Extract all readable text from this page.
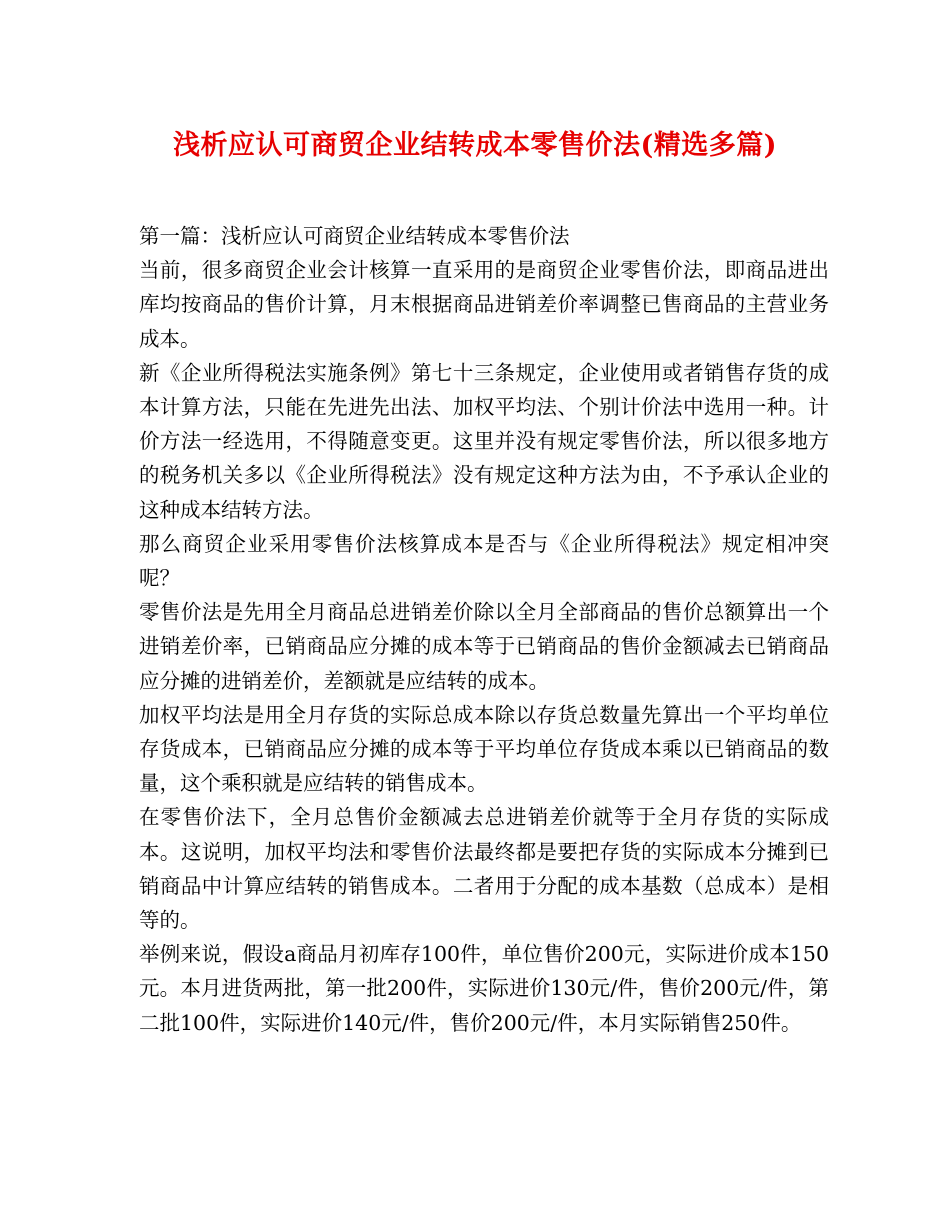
浅析应认可商贸企业结转成本零售价法(精选多篇)

第一篇：浅析应认可商贸企业结转成本零售价法

当前，很多商贸企业会计核算一直采用的是商贸企业零售价法，即商品进出库均按商品的售价计算，月末根据商品进销差价率调整已售商品的主营业务成本。

新《企业所得税法实施条例》第七十三条规定，企业使用或者销售存货的成本计算方法，只能在先进先出法、加权平均法、个别计价法中选用一种。计价方法一经选用，不得随意变更。这里并没有规定零售价法，所以很多地方的税务机关多以《企业所得税法》没有规定这种方法为由，不予承认企业的这种成本结转方法。

那么商贸企业采用零售价法核算成本是否与《企业所得税法》规定相冲突呢？

零售价法是先用全月商品总进销差价除以全月全部商品的售价总额算出一个进销差价率，已销商品应分摊的成本等于已销商品的售价金额减去已销商品应分摊的进销差价，差额就是应结转的成本。

加权平均法是用全月存货的实际总成本除以存货总数量先算出一个平均单位存货成本，已销商品应分摊的成本等于平均单位存货成本乘以已销商品的数量，这个乘积就是应结转的销售成本。

在零售价法下，全月总售价金额减去总进销差价就等于全月存货的实际成本。这说明，加权平均法和零售价法最终都是要把存货的实际成本分摊到已销商品中计算应结转的销售成本。二者用于分配的成本基数（总成本）是相等的。

举例来说，假设a商品月初库存100件，单位售价200元，实际进价成本150元。本月进货两批，第一批200件，实际进价130元/件，售价200元/件，第二批100件，实际进价140元/件，售价200元/件，本月实际销售250件。
